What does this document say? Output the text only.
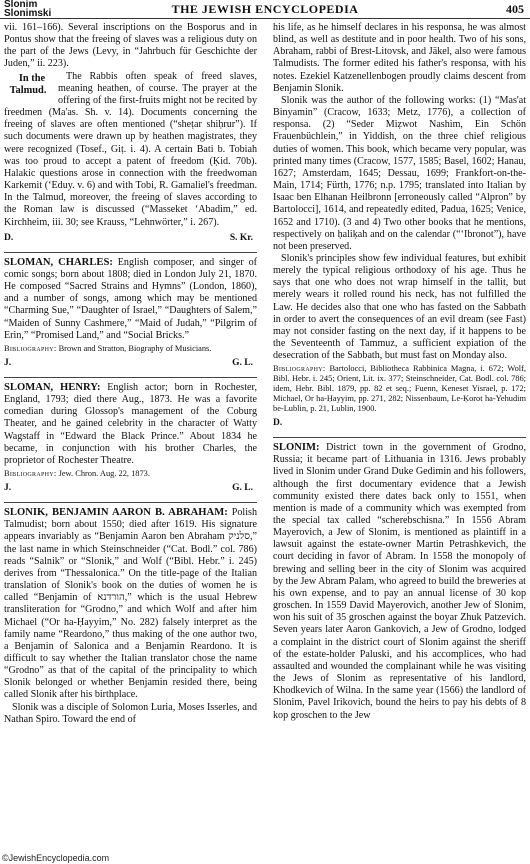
Slonim
Slonimski	THE JEWISH ENCYCLOPEDIA	405

vii. 161–166). Several inscriptions on the Bosporus and in Pontus show that the freeing of slaves was a religious duty on the part of the Jews (Levy, in “Jahrbuch für Geschichte der Juden,” ii. 223).

In the Talmud.
The Rabbis often speak of freed slaves, meaning heathen, of course. The prayer at the offering of the first-fruits might not be recited by freedmen (Ma'as. Sh. v. 14). Documents concerning the freeing of slaves are often mentioned (“sheṭar shiḥrur”). If such documents were drawn up by heathen magistrates, they were recognized (Tosef., Giṭ. i. 4). A certain Bati b. Tobiah was too proud to accept a patent of freedom (Ḳid. 70b). Halakic questions arose in connection with the freedwoman Karkemit (‘Eduy. v. 6) and with Tobi, R. Gamaliel's freedman. In the Talmud, moreover, the freeing of slaves according to the Roman law is discussed (“Masseket ‘Abadim,” ed. Kirchheim, iii. 30; see Krauss, “Lehnwörter,” i. 267).

D.	S. Kr.

SLOMAN, CHARLES: English composer, and singer of comic songs; born about 1808; died in London July 21, 1870. He composed “Sacred Strains and Hymns” (London, 1860), and a number of songs, among which may be mentioned “Charming Sue,” “Daughter of Israel,” “Daughters of Salem,” “Maiden of Sunny Cashmere,” “Maid of Judah,” “Pilgrim of Erin,” “Promised Land,” and “Social Bricks.”

Bibliography: Brown and Stratton, Biography of Musicians.

J.	G. L.

SLOMAN, HENRY: English actor; born in Rochester, England, 1793; died there Aug., 1873. He was a favorite comedian during Glossop's management of the Coburg Theater, and he gained celebrity in the character of Watty Wagstaff in “Edward the Black Prince.” About 1834 he became, in conjunction with his brother Charles, the proprietor of Rochester Theatre.

Bibliography: Jew. Chron. Aug. 22, 1873.

J.	G. L.

SLONIK, BENJAMIN AARON B. ABRAHAM: Polish Talmudist; born about 1550; died after 1619. His signature appears invariably as “Benjamin Aaron ben Abraham סלניק,” the last name in which Steinschneider (“Cat. Bodl.” col. 786) reads “Salnik” or “Slonik,” and Wolf (“Bibl. Hebr.” i. 245) derives from “Thessalonica.” On the title-page of the Italian translation of Slonik's book on the duties of women he is called “Benjamin of הורדנא,” which is the usual Hebrew transliteration for “Grodno,” and which Wolf and after him Michael (“Or ha-Ḥayyim,” No. 282) falsely interpret as the family name “Reardono,” thus making of the one author two, a Benjamin of Salonica and a Benjamin Reardono. It is difficult to say whether the Italian translator chose the name “Grodno” as that of the capital of the principality to which Slonik belonged or whether Benjamin resided there, being called Slonik after his birthplace.

Slonik was a disciple of Solomon Luria, Moses Isserles, and Nathan Spiro. Toward the end of

his life, as he himself declares in his responsa, he was almost blind, as well as destitute and in poor health. Two of his sons, Abraham, rabbi of Brest-Litovsk, and Jäkel, also were famous Talmudists. The former edited his father's responsa, with his notes. Ezekiel Katzenellenbogen proudly claims descent from Benjamin Slonik.

Slonik was the author of the following works: (1) “Mas'at Binyamin” (Cracow, 1633; Metz, 1776), a collection of responsa. (2) “Seder Miẓwot Nashim, Ein Schön Frauenbüchlein,” in Yiddish, on the three chief religious duties of women. This book, which became very popular, was printed many times (Cracow, 1577, 1585; Basel, 1602; Hanau, 1627; Amsterdam, 1645; Dessau, 1699; Frankfort-on-the-Main, 1714; Fürth, 1776; n.p. 1795; translated into Italian by Isaac ben Elhanan Heilbronn [erroneously called “Alpron” by Bartolocci], 1614, and repeatedly edited, Padua, 1625; Venice, 1652 and 1710). (3 and 4) Two other books that he mentions, respectively on ḥaliḳah and on the calendar (“‘Ibronot”), have not been preserved.

Slonik's principles show few individual features, but exhibit merely the typical religious orthodoxy of his age. Thus he says that one who does not wrap himself in the tallit, but merely wears it rolled round his neck, has not fulfilled the Law. He decides also that one who has fasted on the Sabbath in order to avert the consequences of an evil dream (see Fast) may not consider fasting on the next day, if it happens to be the Seventeenth of Tammuz, a sufficient expiation of the desecration of the Sabbath, but must fast on Monday also.

Bibliography: Bartolocci, Bibliotheca Rabbinica Magna, i. 672; Wolf, Bibl. Hebr. i. 245; Orient, Lit. ix. 377; Steinschneider, Cat. Bodl. col. 786; idem, Hebr. Bibl. 1879, pp. 82 et seq.; Fuenn, Keneset Yisrael, p. 172; Michael, Or ha-Ḥayyim, pp. 271, 282; Nissenbaum, Le-Ḳorot ha-Yehudim be-Lublin, p. 21, Lublin, 1900.

D.

SLONIM: District town in the government of Grodno, Russia; it became part of Lithuania in 1316. Jews probably lived in Slonim under Grand Duke Gedimin and his followers, although the first documentary evidence that a Jewish community existed there dates back only to 1551, when mention is made of a community which was exempted from the special tax called “scherebschisna.” In 1556 Abram Mayerovich, a Jew of Slonim, is mentioned as plaintiff in a lawsuit against the estate-owner Martin Petrashkevich, the court deciding in favor of Abram. In 1558 the monopoly of brewing and selling beer in the city of Slonim was acquired by the Jew Abram Palam, who agreed to build the breweries at his own expense, and to pay an annual license of 30 kop groschen. In 1559 David Mayerovich, another Jew of Slonim, won his suit of 35 groschen against the boyar Zhuk Patzevich. Seven years later Aaron Gankovich, a Jew of Grodno, lodged a complaint in the district court of Slonim against the sheriff of the estate-holder Paluski, and his accomplices, who had assaulted and wounded the complainant while he was visiting the Jews of Slonim as representative of his landlord, Khodkevich of Wilna. In the same year (1566) the landlord of Slonim, Pavel Irikovich, bound the heirs to pay his debts of 8 kop groschen to the Jew

©JewishEncyclopedia.com
